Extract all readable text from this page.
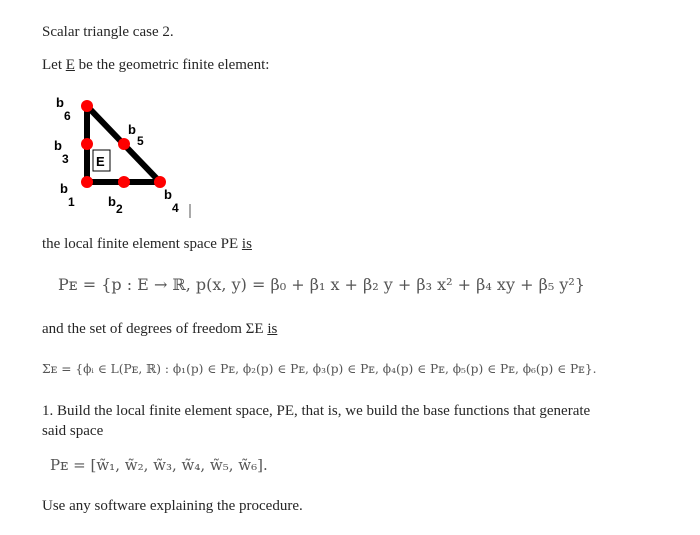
Scalar triangle case 2.
Let E be the geometric finite element:
E
b
6
b
3
b
1	b 2
b
4
b
5
the local finite element space PE is
Pᴇ = {p : E → ℝ, p(x, y) = β₀ + β₁ x + β₂ y + β₃ x² + β₄ xy + β₅ y²}
and the set of degrees of freedom ΣE is
Σᴇ = {ϕᵢ ∈ L(Pᴇ, ℝ) : ϕ₁(p) ∈ Pᴇ, ϕ₂(p) ∈ Pᴇ, ϕ₃(p) ∈ Pᴇ, ϕ₄(p) ∈ Pᴇ, ϕ₅(p) ∈ Pᴇ, ϕ₆(p) ∈ Pᴇ}.
1. Build the local finite element space, PE, that is, we build the base functions that generate
said space
Pᴇ = [w̃₁, w̃₂, w̃₃, w̃₄, w̃₅, w̃₆].
Use any software explaining the procedure.
